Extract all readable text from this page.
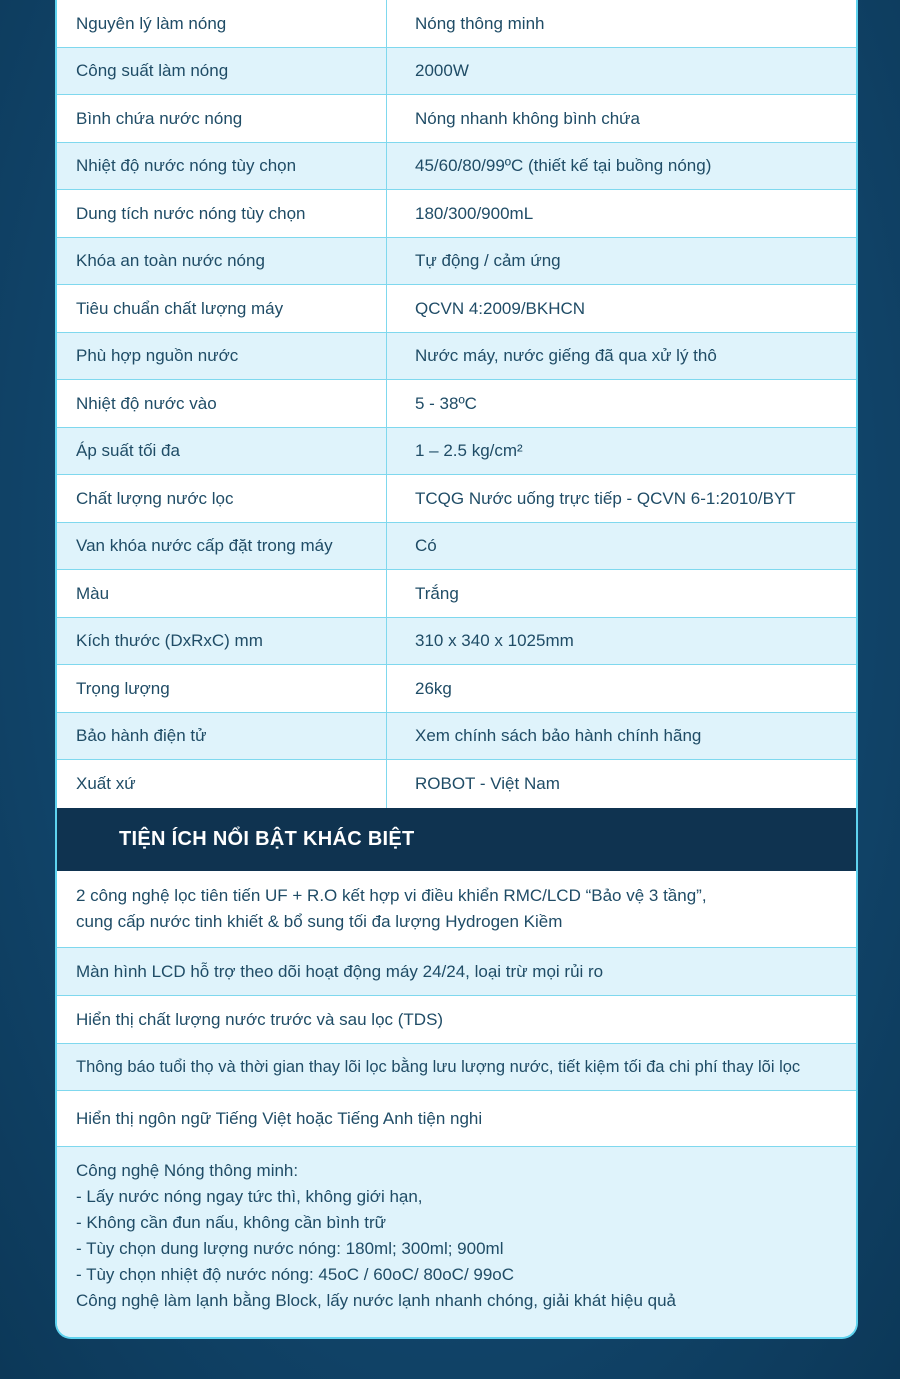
Nguyên lý làm nóng	Nóng thông minh
Công suất làm nóng	2000W
Bình chứa nước nóng	Nóng nhanh không bình chứa
Nhiệt độ nước nóng tùy chọn	45/60/80/99ºC (thiết kế tại buồng nóng)
Dung tích nước nóng tùy chọn	180/300/900mL
Khóa an toàn nước nóng	Tự động / cảm ứng
Tiêu chuẩn chất lượng máy	QCVN 4:2009/BKHCN
Phù hợp nguồn nước	Nước máy, nước giếng đã qua xử lý thô
Nhiệt độ nước vào	5 - 38ºC
Áp suất tối đa	1 – 2.5 kg/cm²
Chất lượng nước lọc	TCQG Nước uống trực tiếp - QCVN 6-1:2010/BYT
Van khóa nước cấp đặt trong máy	Có
Màu	Trắng
Kích thước (DxRxC) mm	310 x 340 x 1025mm
Trọng lượng	26kg
Bảo hành điện tử	Xem chính sách bảo hành chính hãng
Xuất xứ	ROBOT - Việt Nam
TIỆN ÍCH NỔI BẬT KHÁC BIỆT
2 công nghệ lọc tiên tiến UF + R.O kết hợp vi điều khiển RMC/LCD “Bảo vệ 3 tầng”,
cung cấp nước tinh khiết & bổ sung tối đa lượng Hydrogen Kiềm
Màn hình LCD hỗ trợ theo dõi hoạt động máy 24/24, loại trừ mọi rủi ro
Hiển thị chất lượng nước trước và sau lọc (TDS)
Thông báo tuổi thọ và thời gian thay lõi lọc bằng lưu lượng nước, tiết kiệm tối đa chi phí thay lõi lọc
Hiển thị ngôn ngữ Tiếng Việt hoặc Tiếng Anh tiện nghi
Công nghệ Nóng thông minh:
- Lấy nước nóng ngay tức thì, không giới hạn,
- Không cần đun nấu, không cần bình trữ
- Tùy chọn dung lượng nước nóng: 180ml; 300ml; 900ml
- Tùy chọn nhiệt độ nước nóng: 45oC / 60oC/ 80oC/ 99oC
Công nghệ làm lạnh bằng Block, lấy nước lạnh nhanh chóng, giải khát hiệu quả
